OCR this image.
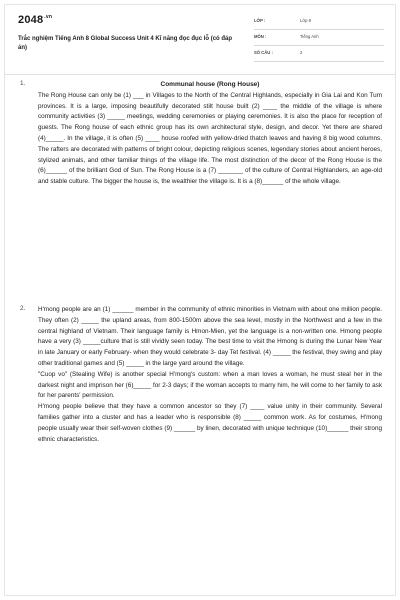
$2048^{.vn}$
Trắc nghiệm Tiếng Anh 8 Global Success Unit 4 Kĩ năng đọc đục lỗ (có đáp án)
LỚP :	Lớp 8
MÔN :	Tiếng Anh
SỐ CÂU :	2
1.	Communal house (Rong House)

The Rong House can only be (1) ___ in Villages to the North of the Central Highlands, especially in Gia Lai and Kon Tum provinces. It is a large, imposing beautifully decorated stilt house built (2) ____ the middle of the village is where community activities (3) _____ meetings, wedding ceremonies or playing ceremonies. It is also the place for reception of guests. The Rong house of each ethnic group has its own architectural style, design, and decor. Yet there are shared (4)_____. In the village, it is often (5) ____ house roofed with yellow-dried thatch leaves and having 8 big wood columns. The rafters are decorated with patterns of bright colour, depicting religious scenes, legendary stories about ancient heroes, stylized animals, and other familiar things of the village life. The most distinction of the decor of the Rong House is the (6)______ of the brilliant God of Sun. The Rong House is a (7) _______ of the culture of Central Highlanders, an age-old and stable culture. The bigger the house is, the wealthier the village is. It is a (8)______ of the whole village.

2. H'mong people are an (1) ______ member in the community of ethnic minorities in Vietnam with about one million people. They often (2) _____ the upland areas, from 800-1500m above the sea level, mostly in the Northwest and a few in the central highland of Vietnam. Their language family is Hmon-Mien, yet the language is a non-written one. Hmong people have a very (3) _____culture that is still vividly seen today. The best time to visit the Hmong is during the Lunar New Year in late January or early February- when they would celebrate 3- day Tet festival. (4) _____ the festival, they swing and play other traditional games and (5) _____ in the large yard around the village.

"Cuop vo" (Stealing Wife) is another special H'mong's custom: when a man loves a woman, he must steal her in the darkest night and imprison her (6)_____ for 2-3 days; if the woman accepts to marry him, he will come to her family to ask for her parents' permission.

H'mong people believe that they have a common ancestor so they (7) ____ value unity in their community. Several families gather into a cluster and has a leader who is responsible (8) _____ common work. As for costumes, H'mong people usually wear their self-woven clothes (9) ______ by linen, decorated with unique technique (10)______ their strong ethnic characteristics.
